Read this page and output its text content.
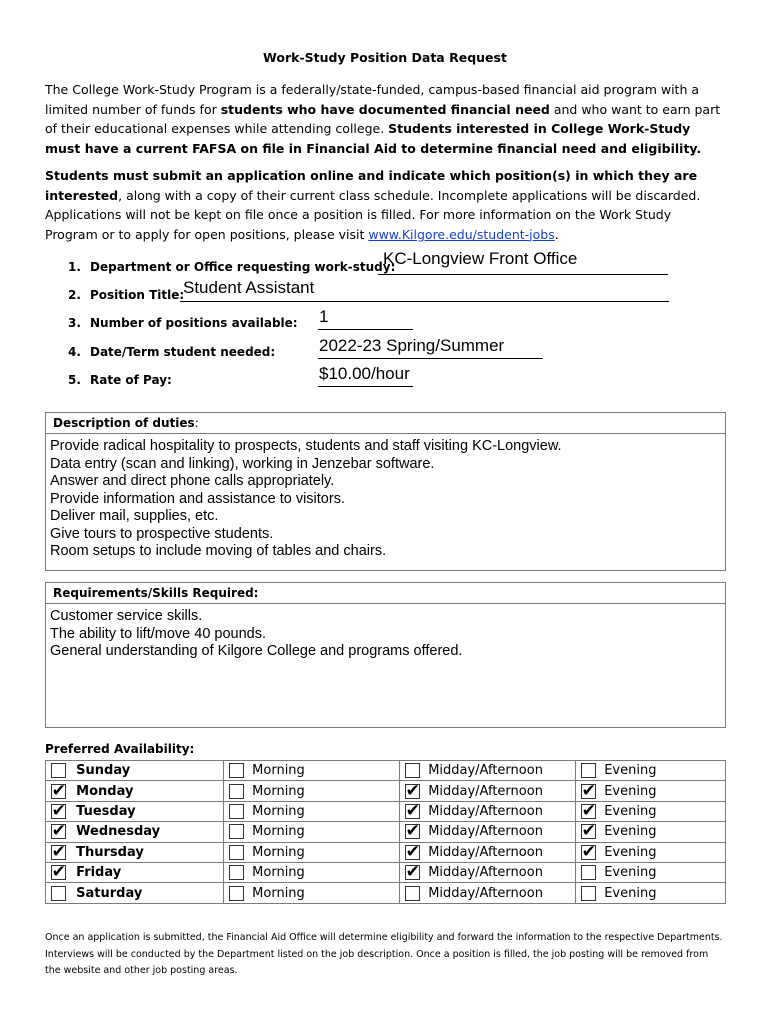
Work-Study Position Data Request
The College Work-Study Program is a federally/state-funded, campus-based financial aid program with a limited number of funds for students who have documented financial need and who want to earn part of their educational expenses while attending college. Students interested in College Work-Study must have a current FAFSA on file in Financial Aid to determine financial need and eligibility.
Students must submit an application online and indicate which position(s) in which they are interested, along with a copy of their current class schedule. Incomplete applications will be discarded. Applications will not be kept on file once a position is filled. For more information on the Work Study Program or to apply for open positions, please visit www.Kilgore.edu/student-jobs.
1. Department or Office requesting work-study:
KC-Longview Front Office
2. Position Title:
Student Assistant
3. Number of positions available: 1
4. Date/Term student needed:	2022-23 Spring/Summer
5. Rate of Pay:	$10.00/hour
Description of duties:
Provide radical hospitality to prospects, students and staff visiting KC-Longview.
Data entry (scan and linking), working in Jenzebar software.
Answer and direct phone calls appropriately.
Provide information and assistance to visitors.
Deliver mail, supplies, etc.
Give tours to prospective students.
Room setups to include moving of tables and chairs.
Requirements/Skills Required:
Customer service skills.
The ability to lift/move 40 pounds.
General understanding of Kilgore College and programs offered.
Preferred Availability:
	Sunday		Morning		Midday/Afternoon		Evening

✔	Monday		Morning	✔	Midday/Afternoon	✔	Evening

✔	Tuesday		Morning	✔	Midday/Afternoon	✔	Evening

✔	Wednesday		Morning	✔	Midday/Afternoon	✔	Evening

✔	Thursday		Morning	✔	Midday/Afternoon	✔	Evening

✔	Friday		Morning	✔	Midday/Afternoon		Evening
	Saturday		Morning		Midday/Afternoon		Evening
Once an application is submitted, the Financial Aid Office will determine eligibility and forward the information to the respective Departments. Interviews will be conducted by the Department listed on the job description. Once a position is filled, the job posting will be removed from the website and other job posting areas.
